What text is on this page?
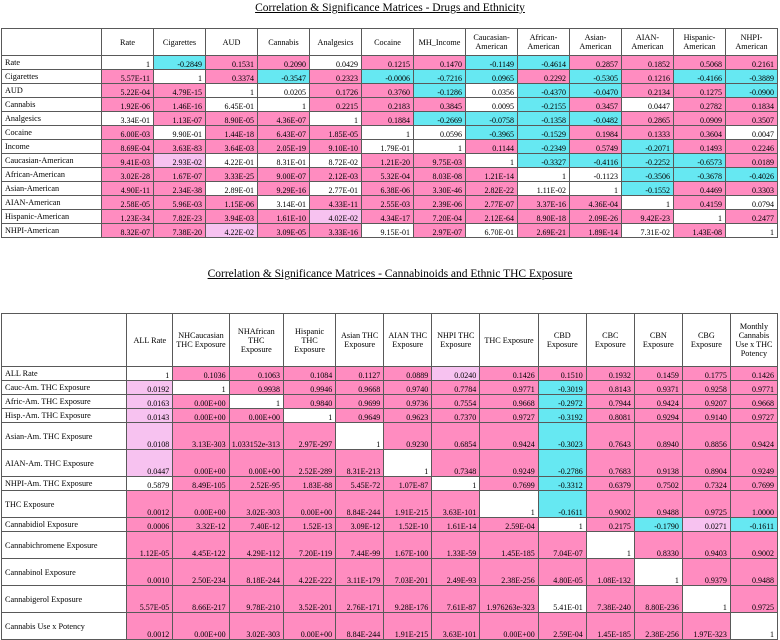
Correlation & Significance Matrices - Drugs and Ethnicity
	Rate	Cigarettes	AUD	Cannabis	Analgesics	Cocaine	MH_Income	Caucasian-American	African-American	Asian-American	AIAN-American	Hispanic-American	NHPI-American
Rate	1	-0.2849	0.1531	0.2090	0.0429	0.1215	0.1470	-0.1149	-0.4614	0.2857	0.1852	0.5068	0.2161
Cigarettes	5.57E-11	1	0.3374	-0.3547	0.2323	-0.0006	-0.7216	0.0965	0.2292	-0.5305	0.1216	-0.4166	-0.3889
AUD	5.22E-04	4.79E-15	1	0.0205	0.1726	0.3760	-0.1286	0.0356	-0.4370	-0.0470	0.2134	0.1275	-0.0900
Cannabis	1.92E-06	1.46E-16	6.45E-01	1	0.2215	0.2183	0.3845	0.0095	-0.2155	0.3457	0.0447	0.2782	0.1834
Analgesics	3.34E-01	1.13E-07	8.90E-05	4.36E-07	1	0.1884	-0.2669	-0.0758	-0.1358	-0.0482	0.2865	0.0909	0.3507
Cocaine	6.00E-03	9.90E-01	1.44E-18	6.43E-07	1.85E-05	1	0.0596	-0.3965	-0.1529	0.1984	0.1333	0.3604	0.0047
Income	8.69E-04	3.63E-83	3.64E-03	2.05E-19	9.10E-10	1.79E-01	1	0.1144	-0.2349	0.5749	-0.2071	0.1493	0.2246
Caucasian-American	9.41E-03	2.93E-02	4.22E-01	8.31E-01	8.72E-02	1.21E-20	9.75E-03	1	-0.3327	-0.4116	-0.2252	-0.6573	0.0189
African-American	3.02E-28	1.67E-07	3.33E-25	9.00E-07	2.12E-03	5.32E-04	8.03E-08	1.21E-14	1	-0.1123	-0.3506	-0.3678	-0.4026
Asian-American	4.90E-11	2.34E-38	2.89E-01	9.29E-16	2.77E-01	6.38E-06	3.30E-46	2.82E-22	1.11E-02	1	-0.1552	0.4469	0.3303
AIAN-American	2.58E-05	5.96E-03	1.15E-06	3.14E-01	4.33E-11	2.55E-03	2.39E-06	2.77E-07	3.37E-16	4.36E-04	1	0.4159	0.0794
Hispanic-American	1.23E-34	7.82E-23	3.94E-03	1.61E-10	4.02E-02	4.34E-17	7.20E-04	2.12E-64	8.90E-18	2.09E-26	9.42E-23	1	0.2477
NHPI-American	8.32E-07	7.38E-20	4.22E-02	3.09E-05	3.33E-16	9.15E-01	2.97E-07	6.70E-01	2.69E-21	1.89E-14	7.31E-02	1.43E-08	1
Correlation & Significance Matrices - Cannabinoids and Ethnic THC Exposure
	ALL Rate	NHCaucasian THC Exposure	NHAfrican THC Exposure	Hispanic THC Exposure	Asian THC Exposure	AIAN THC Exposure	NHPI THC Exposure	THC Exposure	CBD Exposure	CBC Exposure	CBN Exposure	CBG Exposure	Monthly Cannabis Use x THC Potency
ALL Rate	1	0.1036	0.1063	0.1084	0.1127	0.0889	0.0240	0.1426	0.1510	0.1932	0.1459	0.1775	0.1426
Cauc-Am. THC Exposure	0.0192	1	0.9938	0.9946	0.9668	0.9740	0.7784	0.9771	-0.3019	0.8143	0.9371	0.9258	0.9771
Afric-Am. THC Exposure	0.0163	0.00E+00	1	0.9840	0.9699	0.9736	0.7554	0.9668	-0.2972	0.7944	0.9424	0.9207	0.9668
Hisp.-Am. THC Exposure	0.0143	0.00E+00	0.00E+00	1	0.9649	0.9623	0.7370	0.9727	-0.3192	0.8081	0.9294	0.9140	0.9727
Asian-Am. THC Exposure	0.0108	3.13E-303	1.033152e-313	2.97E-297	1	0.9230	0.6854	0.9424	-0.3023	0.7643	0.8940	0.8856	0.9424
AIAN-Am. THC Exposure	0.0447	0.00E+00	0.00E+00	2.52E-289	8.31E-213	1	0.7348	0.9249	-0.2786	0.7683	0.9138	0.8904	0.9249
NHPI-Am. THC Exposure	0.5879	8.49E-105	2.52E-95	1.83E-88	5.45E-72	1.07E-87	1	0.7699	-0.3312	0.6379	0.7502	0.7324	0.7699
THC Exposure	0.0012	0.00E+00	3.02E-303	0.00E+00	8.84E-244	1.91E-215	3.63E-101	1	-0.1611	0.9002	0.9488	0.9725	1.0000
Cannabidiol Exposure	0.0006	3.32E-12	7.40E-12	1.52E-13	3.09E-12	1.52E-10	1.61E-14	2.59E-04	1	0.2175	-0.1790	0.0271	-0.1611
Cannabichromene Exposure	1.12E-05	4.45E-122	4.29E-112	7.20E-119	7.44E-99	1.67E-100	1.33E-59	1.45E-185	7.04E-07	1	0.8330	0.9403	0.9002
Cannabinol Exposure	0.0010	2.50E-234	8.18E-244	4.22E-222	3.11E-179	7.03E-201	2.49E-93	2.38E-256	4.80E-05	1.08E-132	1	0.9379	0.9488
Cannabigerol Exposure	5.57E-05	8.66E-217	9.78E-210	3.52E-201	2.76E-171	9.28E-176	7.61E-87	1.976263e-323	5.41E-01	7.38E-240	8.80E-236	1	0.9725
Cannabis Use x Potency	0.0012	0.00E+00	3.02E-303	0.00E+00	8.84E-244	1.91E-215	3.63E-101	0.00E+00	2.59E-04	1.45E-185	2.38E-256	1.97E-323	1
